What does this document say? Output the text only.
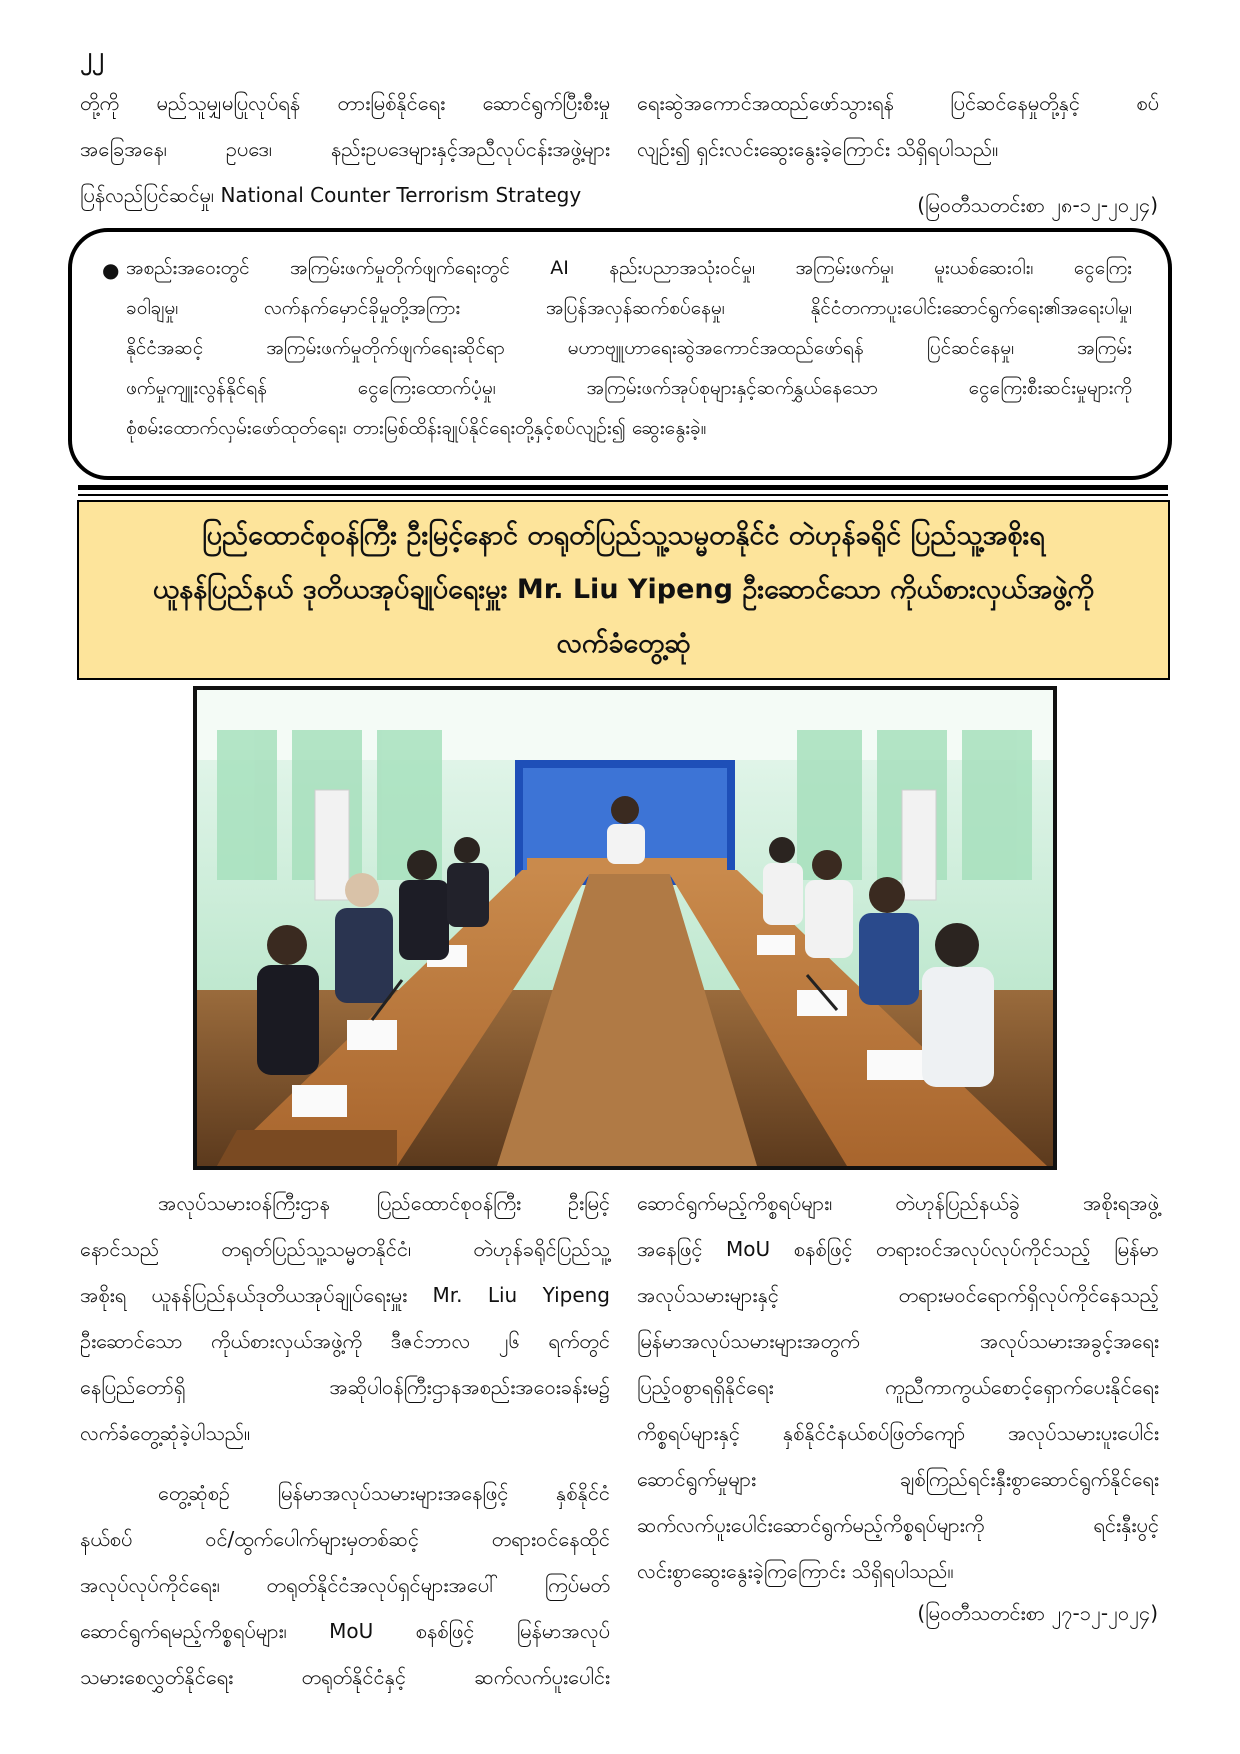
၂၂

တို့ကို မည်သူမျှမပြုလုပ်ရန် တားမြစ်နိုင်ရေး ဆောင်ရွက်ပြီးစီးမှု

အခြေအနေ၊ ဥပဒေ၊ နည်းဥပဒေများနှင့်အညီလုပ်ငန်းအဖွဲ့များ

ပြန်လည်ပြင်ဆင်မှု၊ National Counter Terrorism Strategy

ရေးဆွဲအကောင်အထည်ဖော်သွားရန် ပြင်ဆင်နေမှုတို့နှင့် စပ်

လျဉ်း၍ ရှင်းလင်းဆွေးနွေးခဲ့ကြောင်း သိရှိရပါသည်။

(မြဝတီသတင်းစာ ၂၈-၁၂-၂၀၂၄)
● အစည်းအဝေးတွင် အကြမ်းဖက်မှုတိုက်ဖျက်ရေးတွင် AI နည်းပညာအသုံးဝင်မှု၊ အကြမ်းဖက်မှု၊ မူးယစ်ဆေးဝါး၊ ငွေကြေး

ခဝါချမှု၊ လက်နက်မှောင်ခိုမှုတို့အကြား အပြန်အလှန်ဆက်စပ်နေမှု၊ နိုင်ငံတကာပူးပေါင်းဆောင်ရွက်ရေး၏အရေးပါမှု၊

နိုင်ငံအဆင့် အကြမ်းဖက်မှုတိုက်ဖျက်ရေးဆိုင်ရာ မဟာဗျူဟာရေးဆွဲအကောင်အထည်ဖော်ရန် ပြင်ဆင်နေမှု၊ အကြမ်း

ဖက်မှုကျူးလွန်နိုင်ရန် ငွေကြေးထောက်ပံ့မှု၊ အကြမ်းဖက်အုပ်စုများနှင့်ဆက်နွှယ်နေသော ငွေကြေးစီးဆင်းမှုများကို

စုံစမ်းထောက်လှမ်းဖော်ထုတ်ရေး၊ တားမြစ်ထိန်းချုပ်နိုင်ရေးတို့နှင့်စပ်လျဉ်း၍ ဆွေးနွေးခဲ့။

ပြည်ထောင်စုဝန်ကြီး ဦးမြင့်နောင် တရုတ်ပြည်သူ့သမ္မတနိုင်ငံ တဲဟုန်ခရိုင် ပြည်သူ့အစိုးရ
ယူနန်ပြည်နယ် ဒုတိယအုပ်ချုပ်ရေးမှူး Mr. Liu Yipeng ဦးဆောင်သော ကိုယ်စားလှယ်အဖွဲ့ကို
လက်ခံတွေ့ဆုံ

အလုပ်သမားဝန်ကြီးဌာန ပြည်ထောင်စုဝန်ကြီး ဦးမြင့်

နောင်သည် တရုတ်ပြည်သူ့သမ္မတနိုင်ငံ၊ တဲဟုန်ခရိုင်ပြည်သူ့

အစိုးရ ယူနန်ပြည်နယ်ဒုတိယအုပ်ချုပ်ရေးမှူး Mr. Liu Yipeng

ဦးဆောင်သော ကိုယ်စားလှယ်အဖွဲ့ကို ဒီဇင်ဘာလ ၂၆ ရက်တွင်

နေပြည်တော်ရှိ အဆိုပါဝန်ကြီးဌာနအစည်းအဝေးခန်းမ၌

လက်ခံတွေ့ဆုံခဲ့ပါသည်။

တွေ့ဆုံစဉ် မြန်မာအလုပ်သမားများအနေဖြင့် နှစ်နိုင်ငံ

နယ်စပ် ဝင်/ထွက်ပေါက်များမှတစ်ဆင့် တရားဝင်နေထိုင်

အလုပ်လုပ်ကိုင်ရေး၊ တရုတ်နိုင်ငံအလုပ်ရှင်များအပေါ် ကြပ်မတ်

ဆောင်ရွက်ရမည့်ကိစ္စရပ်များ၊ MoU စနစ်ဖြင့် မြန်မာအလုပ်

သမားစေလွှတ်နိုင်ရေး တရုတ်နိုင်ငံနှင့် ဆက်လက်ပူးပေါင်း

ဆောင်ရွက်မည့်ကိစ္စရပ်များ၊ တဲဟုန်ပြည်နယ်ခွဲ အစိုးရအဖွဲ့

အနေဖြင့် MoU စနစ်ဖြင့် တရားဝင်အလုပ်လုပ်ကိုင်သည့် မြန်မာ

အလုပ်သမားများနှင့် တရားမဝင်ရောက်ရှိလုပ်ကိုင်နေသည့်

မြန်မာအလုပ်သမားများအတွက် အလုပ်သမားအခွင့်အရေး

ပြည့်ဝစွာရရှိနိုင်ရေး ကူညီကာကွယ်စောင့်ရှောက်ပေးနိုင်ရေး

ကိစ္စရပ်များနှင့် နှစ်နိုင်ငံနယ်စပ်ဖြတ်ကျော် အလုပ်သမားပူးပေါင်း

ဆောင်ရွက်မှုများ ချစ်ကြည်ရင်းနှီးစွာဆောင်ရွက်နိုင်ရေး

ဆက်လက်ပူးပေါင်းဆောင်ရွက်မည့်ကိစ္စရပ်များကို ရင်းနှီးပွင့်

လင်းစွာဆွေးနွေးခဲ့ကြကြောင်း သိရှိရပါသည်။

(မြဝတီသတင်းစာ ၂၇-၁၂-၂၀၂၄)
